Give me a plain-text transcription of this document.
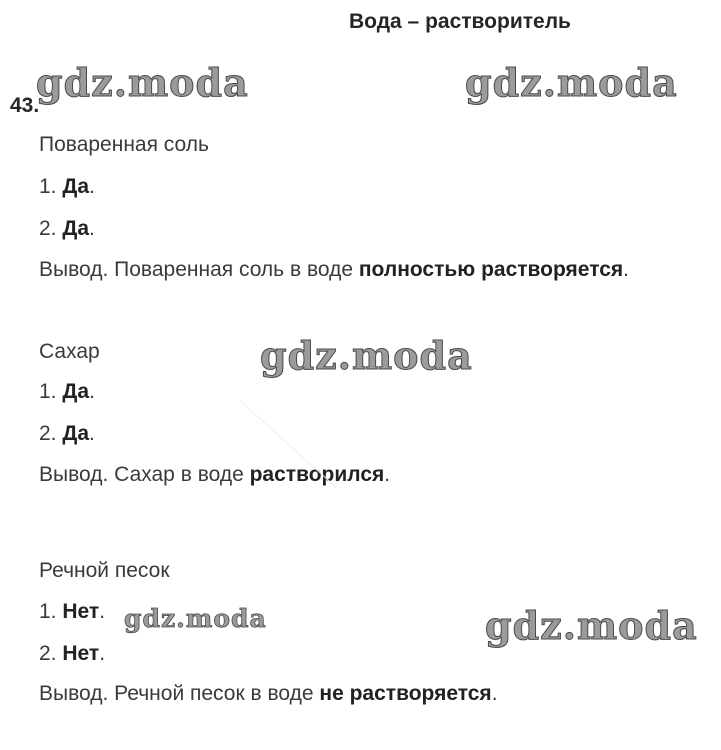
Вода – растворитель
43.
Поваренная соль
1. Да.
2. Да.
Вывод. Поваренная соль в воде полностью растворяется.
Сахар
1. Да.
2. Да.
Вывод. Сахар в воде растворился.
Речной песок
1. Нет.
2. Нет.
Вывод. Речной песок в воде не растворяется.
gdz.moda	gdz.moda
gdz.moda
gdz.moda	gdz.moda
